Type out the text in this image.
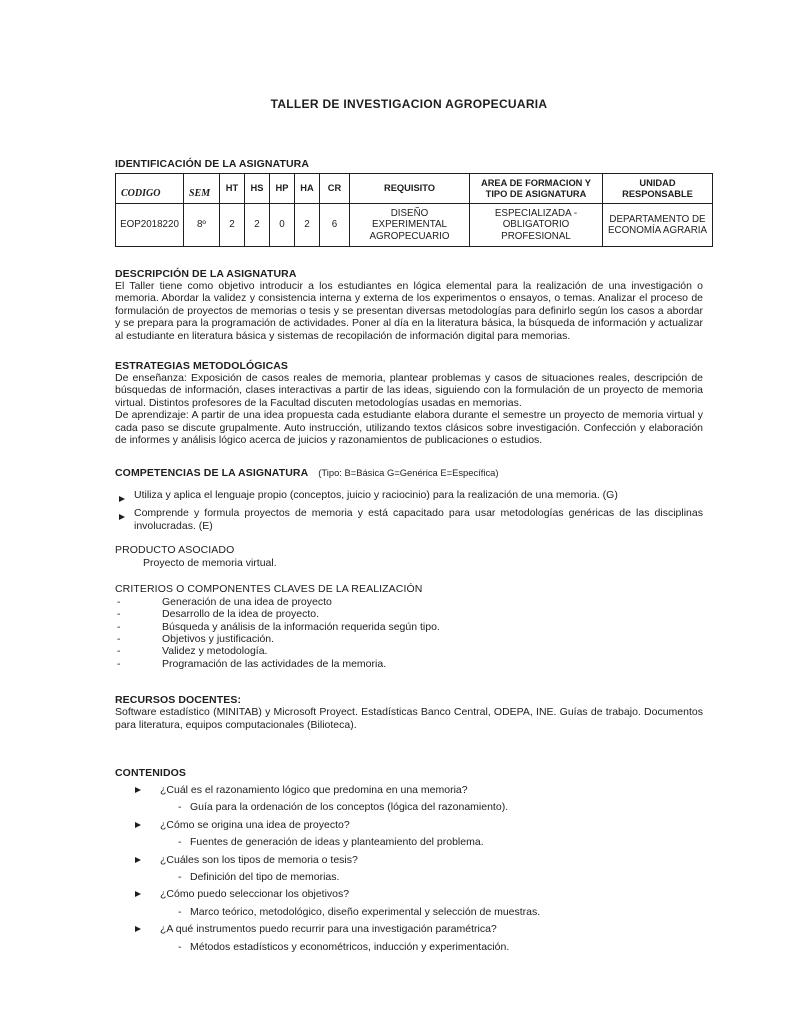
TALLER DE INVESTIGACION AGROPECUARIA
IDENTIFICACIÓN DE LA ASIGNATURA
CODIGO	SEM	HT	HS	HP	HA	CR	REQUISITO	AREA DE FORMACION Y TIPO DE ASIGNATURA	UNIDAD RESPONSABLE
EOP2018220	8º	2	2	0	2	6	DISEÑO EXPERIMENTAL AGROPECUARIO	ESPECIALIZADA - OBLIGATORIO PROFESIONAL	DEPARTAMENTO DE ECONOMÍA AGRARIA
DESCRIPCIÓN DE LA ASIGNATURA

El Taller tiene como objetivo introducir a los estudiantes en lógica elemental para la realización de una investigación o memoria. Abordar la validez y consistencia interna y externa de los experimentos o ensayos, o temas. Analizar el proceso de formulación de proyectos de memorias o tesis y se presentan diversas metodologías para definirlo según los casos a abordar y se prepara para la programación de actividades. Poner al día en la literatura básica, la búsqueda de información y actualizar al estudiante en literatura básica y sistemas de recopilación de información digital para memorias.

ESTRATEGIAS METODOLÓGICAS

De enseñanza: Exposición de casos reales de memoria, plantear problemas y casos de situaciones reales, descripción de búsquedas de información, clases interactivas a partir de las ideas, siguiendo con la formulación de un proyecto de memoria virtual. Distintos profesores de la Facultad discuten metodologías usadas en memorias.

De aprendizaje: A partir de una idea propuesta cada estudiante elabora durante el semestre un proyecto de memoria virtual y cada paso se discute grupalmente. Auto instrucción, utilizando textos clásicos sobre investigación. Confección y elaboración de informes y análisis lógico acerca de juicios y razonamientos de publicaciones o estudios.

COMPETENCIAS DE LA ASIGNATURA (Tipo: B=Básica G=Genérica E=Específica)
Utiliza y aplica el lenguaje propio (conceptos, juicio y raciocinio) para la realización de una memoria. (G)
Comprende y formula proyectos de memoria y está capacitado para usar metodologías genéricas de las disciplinas involucradas. (E)
PRODUCTO ASOCIADO
Proyecto de memoria virtual.
CRITERIOS O COMPONENTES CLAVES DE LA REALIZACIÓN
-	Generación de una idea de proyecto
-	Desarrollo de la idea de proyecto.
-	Búsqueda y análisis de la información requerida según tipo.
-	Objetivos y justificación.
-	Validez y metodología.
-	Programación de las actividades de la memoria.
RECURSOS DOCENTES:

Software estadístico (MINITAB) y Microsoft Proyect. Estadísticas Banco Central, ODEPA, INE. Guías de trabajo. Documentos para literatura, equipos computacionales (Bilioteca).

CONTENIDOS
¿Cuál es el razonamiento lógico que predomina en una memoria?
- Guía para la ordenación de los conceptos (lógica del razonamiento).
¿Cómo se origina una idea de proyecto?
- Fuentes de generación de ideas y planteamiento del problema.
¿Cuáles son los tipos de memoria o tesis?
- Definición del tipo de memorias.
¿Cómo puedo seleccionar los objetivos?
- Marco teórico, metodológico, diseño experimental y selección de muestras.
¿A qué instrumentos puedo recurrir para una investigación paramétrica?
- Métodos estadísticos y econométricos, inducción y experimentación.
